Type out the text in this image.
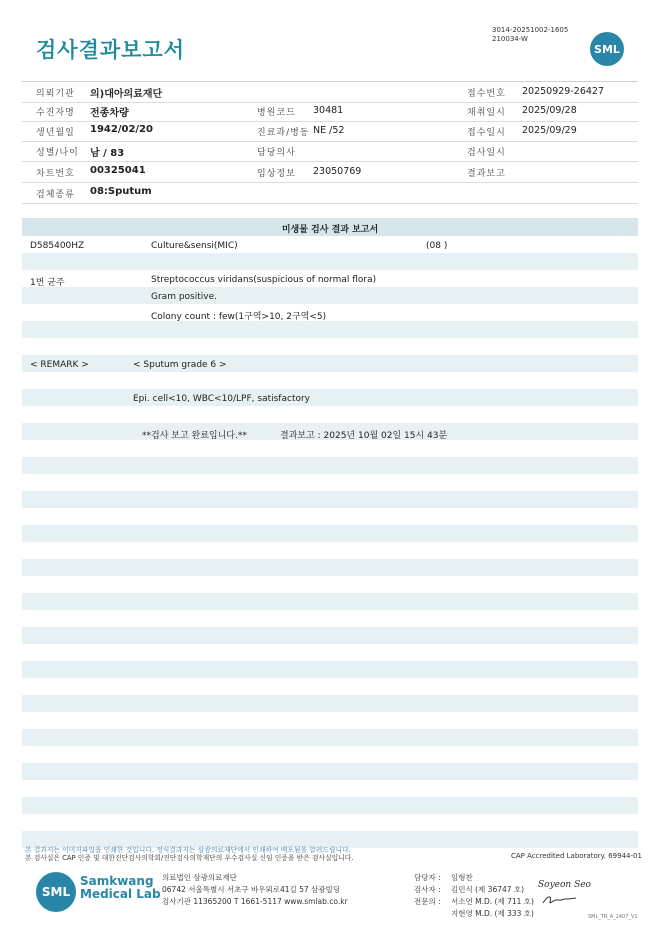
검사결과보고서
3014-20251002-1605
210034-W
SML
의뢰기관 의)대아의료재단	접수번호 20250929-26427
수진자명 전종차량	병원코드 30481	채취일시 2025/09/28
생년월일 1942/02/20	진료과/병동 NE /52	접수일시 2025/09/29
성별/나이 남 / 83	담당의사	검사일시
차트번호 00325041	임상정보 23050769	결과보고
검체종류 08:Sputum
미생물 검사 결과 보고서
D585400HZ	Culture&sensi(MIC)	(08 )
1번 균주	Streptococcus viridans(suspicious of normal flora)
Gram positive.
Colony count : few(1구역>10, 2구역<5)
< REMARK >	< Sputum grade 6 >
Epi. cell<10, WBC<10/LPF, satisfactory
**검사 보고 완료입니다.**	결과보고 : 2025년 10월 02일 15시 43분
본 결과지는 이미지파일을 인쇄한 것입니다. 정식결과지는 삼광의료재단에서 인쇄하여 배포됨을 알려드립니다.
본 검사실은 CAP 인증 및 대한진단검사의학회/진단검사의학재단의 우수검사실 신임 인증을 받은 검사실입니다.	CAP Accredited Laboratory. 69944-01
SML
Samkwang
Medical Lab
의료법인 삼광의료재단
06742 서울특별시 서초구 바우뫼로41길 57 삼광빌딩
검사기관 11365200 T 1661-5117 www.smlab.co.kr
담당자 : 임형찬
검사자 : 김민식 (제 36747 호)
전문의 : 서소연 M.D. (제 711 호)
지현영 M.D. (제 333 호)
Soyeon Seo
SML_TR_A_2407_V1
